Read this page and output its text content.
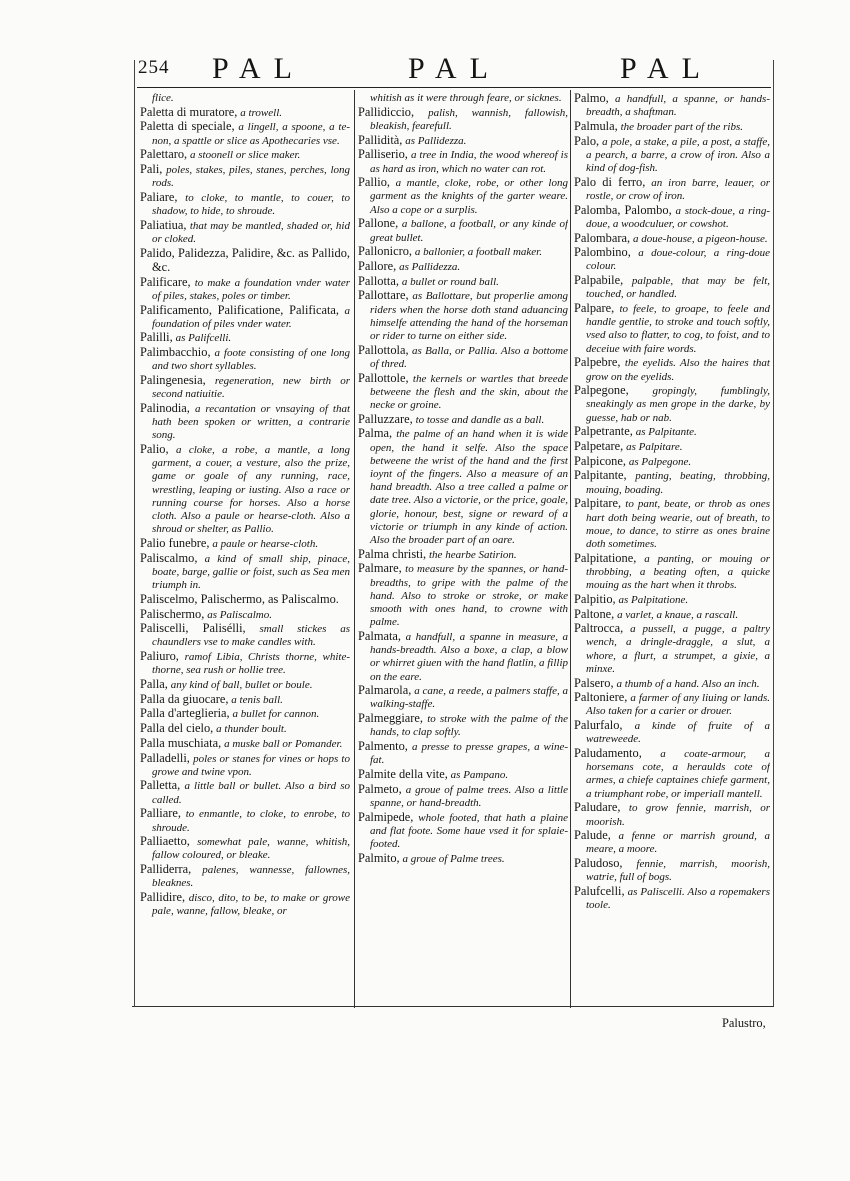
254 PAL	PAL	PAL

flice.

Paletta di muratore, a trowell.

Paletta di speciale, a lingell, a spoone, a te-non, a spattle or slice as Apothecaries vse.

Palettaro, a stoonell or slice maker.

Pali, poles, stakes, piles, stanes, perches, long rods.

Paliare, to cloke, to mantle, to couer, to shadow, to hide, to shroude.

Paliatiua, that may be mantled, shaded or, hid or cloked.

Palido, Palidezza, Palidire, &c. as Pallido, &c.

Palificare, to make a foundation vnder water of piles, stakes, poles or timber.

Palificamento, Palificatione, Palificata, a foundation of piles vnder water.

Palilli, as Palifcelli.

Palimbacchio, a foote consisting of one long and two short syllables.

Palingenesia, regeneration, new birth or second natiuitie.

Palinodia, a recantation or vnsaying of that hath been spoken or written, a contrarie song.

Palio, a cloke, a robe, a mantle, a long garment, a couer, a vesture, also the prize, game or goale of any running, race, wrestling, leaping or iusting. Also a race or running course for horses. Also a horse cloth. Also a paule or hearse-cloth. Also a shroud or shelter, as Pallio.

Palio funebre, a paule or hearse-cloth.

Paliscalmo, a kind of small ship, pinace, boate, barge, gallie or foist, such as Sea men triumph in.

Paliscelmo, Palischermo, as Paliscalmo.

Palischermo, as Paliscalmo.

Paliscelli, Palisélli, small stickes as chaundlers vse to make candles with.

Paliuro, ramof Libia, Christs thorne, white-thorne, sea rush or hollie tree.

Palla, any kind of ball, bullet or boule.

Palla da giuocare, a tenis ball.

Palla d'arteglieria, a bullet for cannon.

Palla del cielo, a thunder boult.

Palla muschiata, a muske ball or Pomander.

Palladelli, poles or stanes for vines or hops to growe and twine vpon.

Palletta, a little ball or bullet. Also a bird so called.

Palliare, to enmantle, to cloke, to enrobe, to shroude.

Palliaetto, somewhat pale, wanne, whitish, fallow coloured, or bleake.

Palliderra, palenes, wannesse, fallownes, bleaknes.

Pallidire, disco, dito, to be, to make or growe pale, wanne, fallow, bleake, or

whitish as it were through feare, or sicknes.

Pallidiccio, palish, wannish, fallowish, bleakish, fearefull.

Pallidità, as Pallidezza.

Palliserio, a tree in India, the wood whereof is as hard as iron, which no water can rot.

Pallio, a mantle, cloke, robe, or other long garment as the knights of the garter weare. Also a cope or a surplis.

Pallone, a ballone, a football, or any kinde of great bullet.

Pallonicro, a ballonier, a football maker.

Pallore, as Pallidezza.

Pallotta, a bullet or round ball.

Pallottare, as Ballottare, but properlie among riders when the horse doth stand aduancing himselfe attending the hand of the horseman or rider to turne on either side.

Pallottola, as Balla, or Pallia. Also a bottome of thred.

Pallottole, the kernels or wartles that breede betweene the flesh and the skin, about the necke or groine.

Palluzzare, to tosse and dandle as a ball.

Palma, the palme of an hand when it is wide open, the hand it selfe. Also the space betweene the wrist of the hand and the first ioynt of the fingers. Also a measure of an hand breadth. Also a tree called a palme or date tree. Also a victorie, or the price, goale, glorie, honour, best, signe or reward of a victorie or triumph in any kinde of action. Also the broader part of an oare.

Palma christi, the hearbe Satirion.

Palmare, to measure by the spannes, or hand-breadths, to gripe with the palme of the hand. Also to stroke or stroke, or make smooth with ones hand, to crowne with palme.

Palmata, a handfull, a spanne in measure, a hands-breadth. Also a boxe, a clap, a blow or whirret giuen with the hand flatlin, a fillip on the eare.

Palmarola, a cane, a reede, a palmers staffe, a walking-staffe.

Palmeggiare, to stroke with the palme of the hands, to clap softly.

Palmento, a presse to presse grapes, a wine-fat.

Palmite della vite, as Pampano.

Palmeto, a groue of palme trees. Also a little spanne, or hand-breadth.

Palmipede, whole footed, that hath a plaine and flat foote. Some haue vsed it for splaie-footed.

Palmito, a groue of Palme trees.

Palmo, a handfull, a spanne, or hands-breadth, a shaftman.

Palmula, the broader part of the ribs.

Palo, a pole, a stake, a pile, a post, a staffe, a pearch, a barre, a crow of iron. Also a kind of dog-fish.

Palo di ferro, an iron barre, leauer, or rostle, or crow of iron.

Palomba, Palombo, a stock-doue, a ring-doue, a woodculuer, or cowshot.

Palombara, a doue-house, a pigeon-house.

Palombino, a doue-colour, a ring-doue colour.

Palpabile, palpable, that may be felt, touched, or handled.

Palpare, to feele, to groape, to feele and handle gentlie, to stroke and touch softly, vsed also to flatter, to cog, to foist, and to deceiue with faire words.

Palpebre, the eyelids. Also the haires that grow on the eyelids.

Palpegone, gropingly, fumblingly, sneakingly as men grope in the darke, by guesse, hab or nab.

Palpetrante, as Palpitante.

Palpetare, as Palpitare.

Palpicone, as Palpegone.

Palpitante, panting, beating, throbbing, mouing, boading.

Palpitare, to pant, beate, or throb as ones hart doth being wearie, out of breath, to moue, to dance, to stirre as ones braine doth sometimes.

Palpitatione, a panting, or mouing or throbbing, a beating often, a quicke mouing as the hart when it throbs.

Palpitio, as Palpitatione.

Paltone, a varlet, a knaue, a rascall.

Paltrocca, a pussell, a pugge, a paltry wench, a dringle-draggle, a slut, a whore, a flurt, a strumpet, a gixie, a minxe.

Palsero, a thumb of a hand. Also an inch.

Paltoniere, a farmer of any liuing or lands. Also taken for a carier or drouer.

Palurfalo, a kinde of fruite of a watreweede.

Paludamento, a coate-armour, a horsemans cote, a heraulds cote of armes, a chiefe captaines chiefe garment, a triumphant robe, or imperiall mantell.

Paludare, to grow fennie, marrish, or moorish.

Palude, a fenne or marrish ground, a meare, a moore.

Paludoso, fennie, marrish, moorish, watrie, full of bogs.

Palufcelli, as Paliscelli. Also a ropemakers toole.

Palustro,
